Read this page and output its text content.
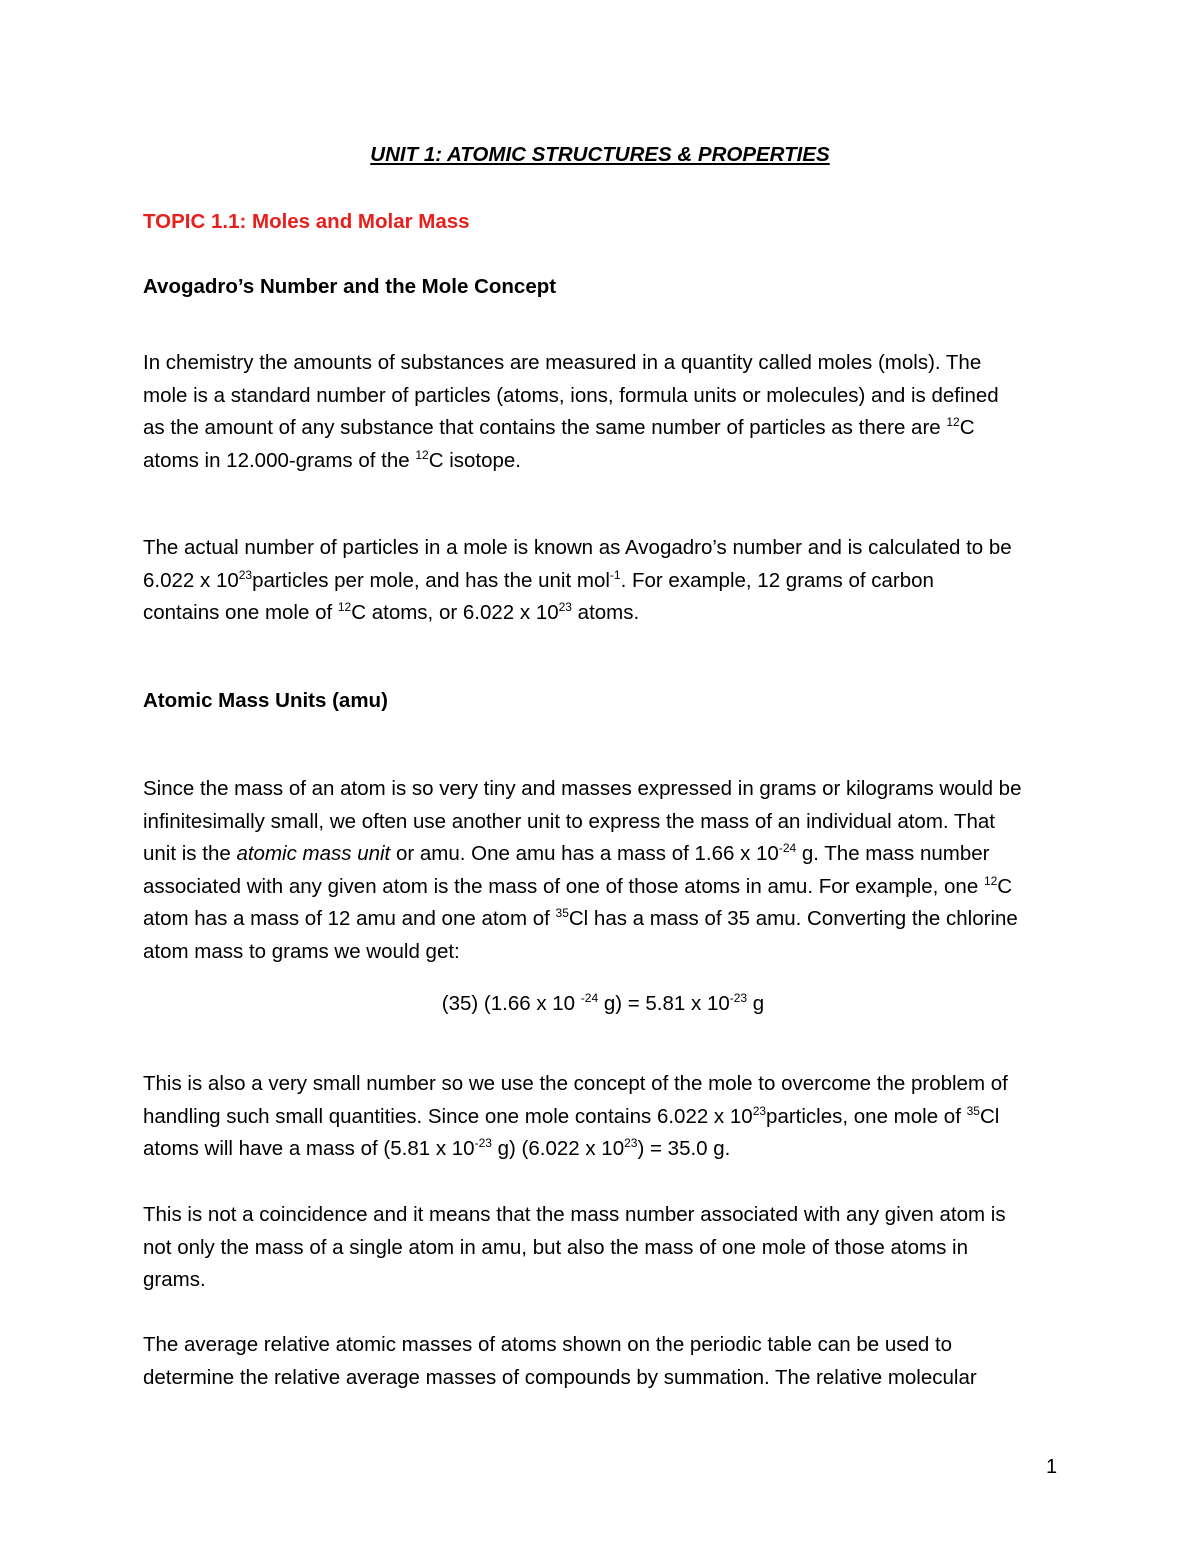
UNIT 1: ATOMIC STRUCTURES & PROPERTIES
TOPIC 1.1: Moles and Molar Mass
Avogadro’s Number and the Mole Concept
In chemistry the amounts of substances are measured in a quantity called moles (mols). The
mole is a standard number of particles (atoms, ions, formula units or molecules) and is defined
as the amount of any substance that contains the same number of particles as there are $^{12}$C
atoms in 12.000-grams of the $^{12}$C isotope.
The actual number of particles in a mole is known as Avogadro’s number and is calculated to be
6.022 x $10^{23}particles$ per mole, and has the unit mol$^{-1}$. For example, 12 grams of carbon
contains one mole of $^{12}$C atoms, or 6.022 x $10^{23}$ atoms.
Atomic Mass Units (amu)
Since the mass of an atom is so very tiny and masses expressed in grams or kilograms would be
infinitesimally small, we often use another unit to express the mass of an individual atom. That
unit is the atomic mass unit or amu. One amu has a mass of 1.66 x $10^{-24}$ g. The mass number
associated with any given atom is the mass of one of those atoms in amu. For example, one $^{12}$C
atom has a mass of 12 amu and one atom of $^{35}$Cl has a mass of 35 amu. Converting the chlorine
atom mass to grams we would get:
(35) (1.66 x 10 $^{-24}$ g) = 5.81 x $10^{-23}$ g
This is also a very small number so we use the concept of the mole to overcome the problem of
handling such small quantities. Since one mole contains 6.022 x $10^{23}particles$, one mole of $^{35}$Cl
atoms will have a mass of (5.81 x $10^{-23}$ g) (6.022 x $10^{23}) = 35.0$ g.
This is not a coincidence and it means that the mass number associated with any given atom is
not only the mass of a single atom in amu, but also the mass of one mole of those atoms in
grams.
The average relative atomic masses of atoms shown on the periodic table can be used to
determine the relative average masses of compounds by summation. The relative molecular
1
